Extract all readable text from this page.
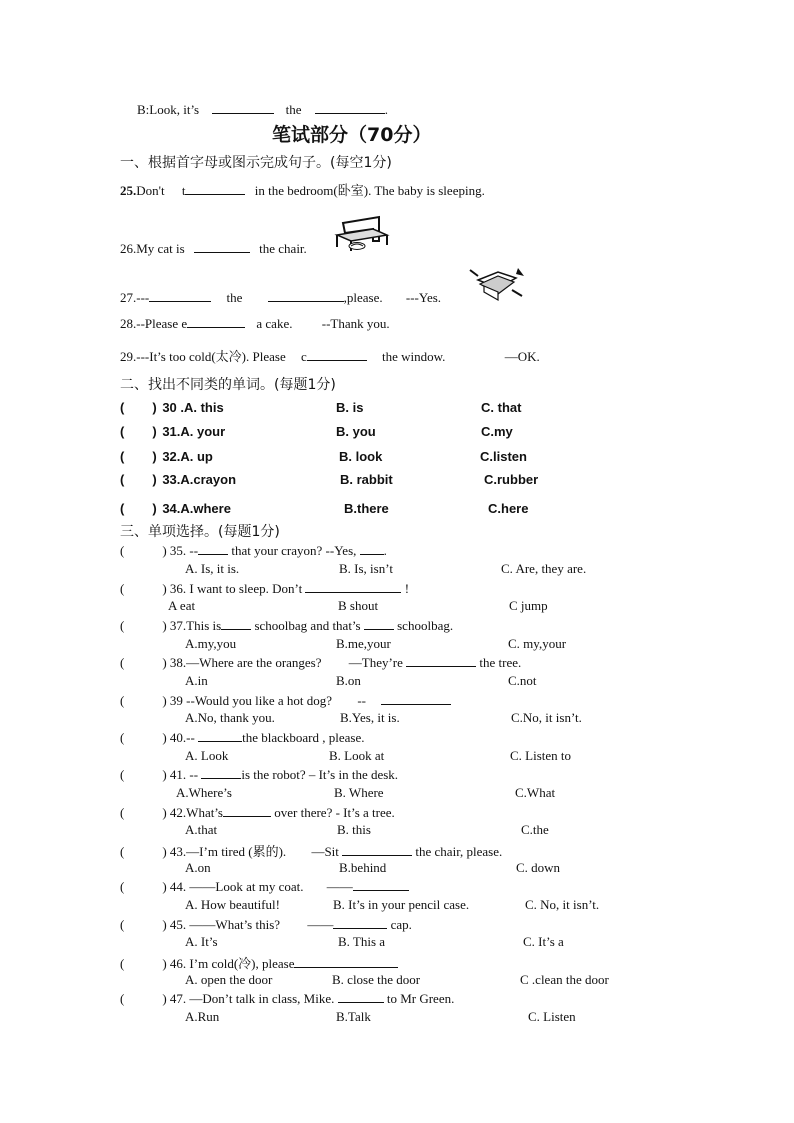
B:Look, it’s	the	.
笔试部分（70分）
一、根据首字母或图示完成句子。(每空1分)
25.Don't t	in the bedroom(卧室). The baby is sleeping.
26.My cat is	the chair.
27.---	the	,please. ---Yes.
28.--Please e	a cake. --Thank you.
29.---It’s too cold(太冷). Please c	the window.	—OK.
二、找出不同类的单词。(每题1分)
( ) 30 .A. this	B. is	C. that
( ) 31.A. your	B. you	C.my
( ) 32.A. up	B. look	C.listen
( ) 33.A.crayon	B. rabbit	C.rubber
( ) 34.A.where	B.there	C.here
三、单项选择。(每题1分)
(	) 35. --	that your crayon? --Yes, .
A. Is, it is.	B. Is, isn’t	C. Are, they are.
(	) 36. I want to sleep. Don’t	!
A eat	B shout	C jump
(	) 37.This is	schoolbag and that’s	schoolbag.
A.my,you	B.me,your	C. my,your
(	) 38.—Where are the oranges? —They’re	the tree.
A.in	B.on	C.not
(	) 39 --Would you like a hot dog? --
A.No, thank you.	B.Yes, it is.	C.No, it isn’t.
(	) 40.--	the blackboard , please.
A. Look	B. Look at	C. Listen to
(	) 41. --	is the robot? – It’s in the desk.
A.Where’s	B. Where	C.What
(	) 42.What’s	over there? - It’s a tree.
A.that	B. this	C.the
(	) 43.—I’m tired (累的). —Sit	the chair, please.
A.on	B.behind	C. down
(	) 44. ——Look at my coat. ——
A. How beautiful!	B. It’s in your pencil case.	C. No, it isn’t.
(	) 45. ——What’s this? ——	cap.
A. It’s	B. This a	C. It’s a
(	) 46. I’m cold(冷), please
A. open the door	B. close the door	C .clean the door
(	) 47. —Don’t talk in class, Mike.	to Mr Green.
A.Run	B.Talk	C. Listen
